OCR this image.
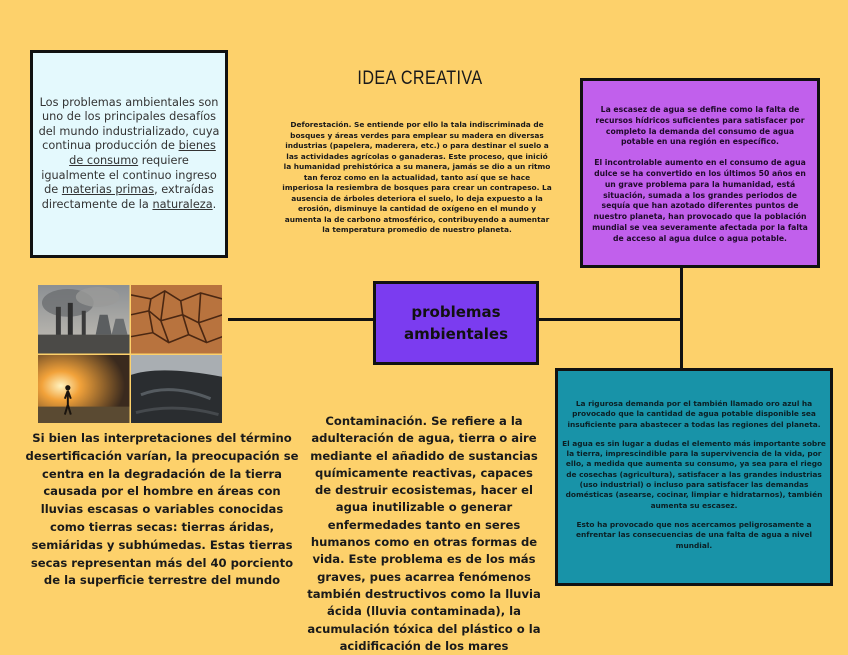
Los problemas ambientales son uno de los principales desafíos del mundo industrializado, cuya continua producción de bienes de consumo requiere igualmente el continuo ingreso de materias primas, extraídas directamente de la naturaleza.

IDEA CREATIVA
Deforestación. Se entiende por ello la tala indiscriminada de bosques y áreas verdes para emplear su madera en diversas industrias (papelera, maderera, etc.) o para destinar el suelo a las actividades agrícolas o ganaderas. Este proceso, que inició la humanidad prehistórica a su manera, jamás se dio a un ritmo tan feroz como en la actualidad, tanto así que se hace imperiosa la resiembra de bosques para crear un contrapeso. La ausencia de árboles deteriora el suelo, lo deja expuesto a la erosión, disminuye la cantidad de oxígeno en el mundo y aumenta la de carbono atmosférico, contribuyendo a aumentar la temperatura promedio de nuestro planeta.

La escasez de agua se define como la falta de recursos hídricos suficientes para satisfacer por completo la demanda del consumo de agua potable en una región en específico.

El incontrolable aumento en el consumo de agua dulce se ha convertido en los últimos 50 años en un grave problema para la humanidad, está situación, sumada a los grandes periodos de sequía que han azotado diferentes puntos de nuestro planeta, han provocado que la población mundial se vea severamente afectada por la falta de acceso al agua dulce o agua potable.

problemas ambientales
Si bien las interpretaciones del término desertificación varían, la preocupación se centra en la degradación de la tierra causada por el hombre en áreas con lluvias escasas o variables conocidas como tierras secas: tierras áridas, semiáridas y subhúmedas. Estas tierras secas representan más del 40 porciento de la superficie terrestre del mundo
Contaminación. Se refiere a la adulteración de agua, tierra o aire mediante el añadido de sustancias químicamente reactivas, capaces de destruir ecosistemas, hacer el agua inutilizable o generar enfermedades tanto en seres humanos como en otras formas de vida. Este problema es de los más graves, pues acarrea fenómenos también destructivos como la lluvia ácida (lluvia contaminada), la acumulación tóxica del plástico o la acidificación de los mares

La rigurosa demanda por el también llamado oro azul ha provocado que la cantidad de agua potable disponible sea insuficiente para abastecer a todas las regiones del planeta.

El agua es sin lugar a dudas el elemento más importante sobre la tierra, imprescindible para la supervivencia de la vida, por ello, a medida que aumenta su consumo, ya sea para el riego de cosechas (agricultura), satisfacer a las grandes industrias (uso industrial) o incluso para satisfacer las demandas domésticas (asearse, cocinar, limpiar e hidratarnos), también aumenta su escasez.

Esto ha provocado que nos acercamos peligrosamente a enfrentar las consecuencias de una falta de agua a nivel mundial.
